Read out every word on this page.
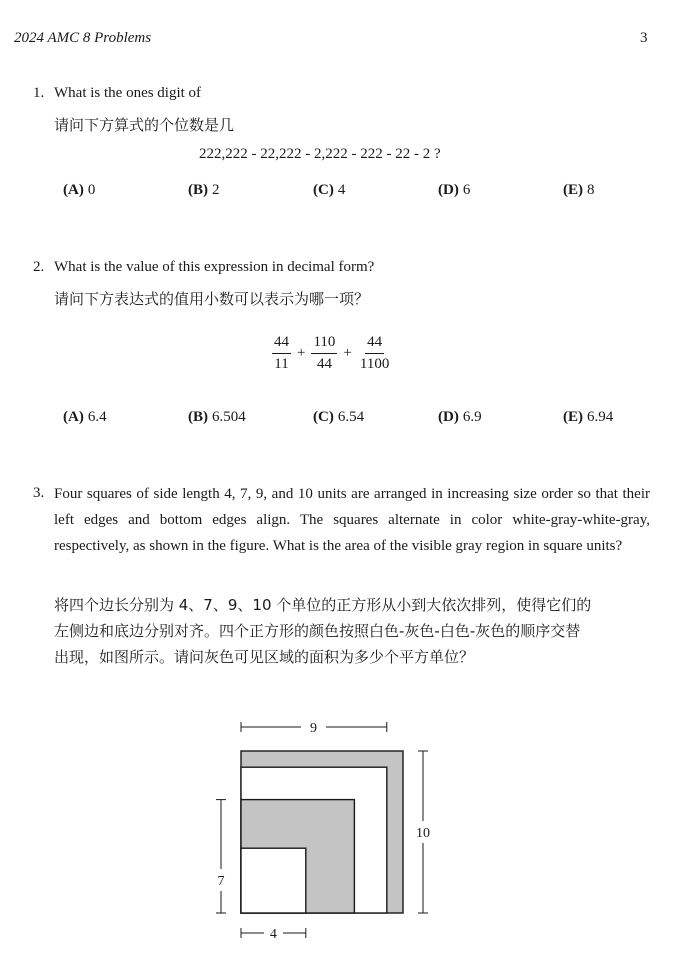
2024 AMC 8 Problems	3
1. What is the ones digit of
请问下方算式的个位数是几
222,222 - 22,222 - 2,222 - 222 - 22 - 2 ?
(A) 0	(B) 2	(C) 4	(D) 6	(E) 8
2. What is the value of this expression in decimal form?
请问下方表达式的值用小数可以表示为哪一项？
$\frac{44}{11} + \frac{110}{44} + \frac{44}{1100}$
(A) 6.4	(B) 6.504	(C) 6.54	(D) 6.9	(E) 6.94
3. Four squares of side length 4, 7, 9, and 10 units are arranged in increasing size order so that their left edges and bottom edges align. The squares alternate in color white-gray-white-gray, respectively, as shown in the figure. What is the area of the visible gray region in square units?
将四个边长分别为 4、7、9、10 个单位的正方形从小到大依次排列，使得它们的
左侧边和底边分别对齐。四个正方形的颜色按照白色-灰色-白色-灰色的顺序交替
出现，如图所示。请问灰色可见区域的面积为多少个平方单位？
9
10
7
4
